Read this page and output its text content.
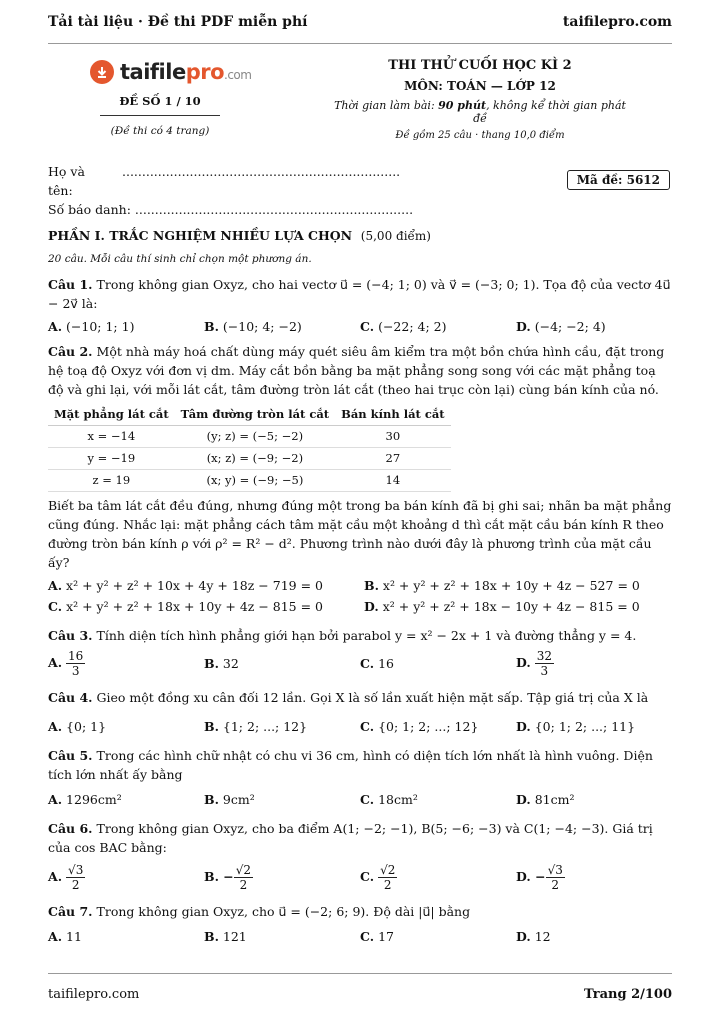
Tải tài liệu · Đề thi PDF miễn phí	taifilepro.com
taifilepro.com
ĐỀ SỐ 1 / 10
(Đề thi có 4 trang)
THI THỬ CUỐI HỌC KÌ 2
MÔN: TOÁN — LỚP 12
Thời gian làm bài: 90 phút, không kể thời gian phát đề
Đề gồm 25 câu · thang 10,0 điểm
Họ và tên:
......................................................................
Số báo danh: ......................................................................
Mã đề: 5612
PHẦN I. TRẮC NGHIỆM NHIỀU LỰA CHỌN (5,00 điểm)
20 câu. Mỗi câu thí sinh chỉ chọn một phương án.
Câu 1. Trong không gian Oxyz, cho hai vectơ u⃗ = (−4; 1; 0) và v⃗ = (−3; 0; 1). Tọa độ của vectơ 4u⃗ − 2v⃗ là:
A. (−10; 1; 1)	B. (−10; 4; −2)	C. (−22; 4; 2)	D. (−4; −2; 4)
Câu 2. Một nhà máy hoá chất dùng máy quét siêu âm kiểm tra một bồn chứa hình cầu, đặt trong hệ toạ độ Oxyz với đơn vị dm. Máy cắt bồn bằng ba mặt phẳng song song với các mặt phẳng toạ độ và ghi lại, với mỗi lát cắt, tâm đường tròn lát cắt (theo hai trục còn lại) cùng bán kính của nó.
Mặt phẳng lát cắt	Tâm đường tròn lát cắt	Bán kính lát cắt
x = −14	(y; z) = (−5; −2)	30
y = −19	(x; z) = (−9; −2)	27
z = 19	(x; y) = (−9; −5)	14
Biết ba tâm lát cắt đều đúng, nhưng đúng một trong ba bán kính đã bị ghi sai; nhãn ba mặt phẳng cũng đúng. Nhắc lại: mặt phẳng cách tâm mặt cầu một khoảng d thì cắt mặt cầu bán kính R theo đường tròn bán kính ρ với ρ² = R² − d². Phương trình nào dưới đây là phương trình của mặt cầu ấy?
A. x² + y² + z² + 10x + 4y + 18z − 719 = 0	B. x² + y² + z² + 18x + 10y + 4z − 527 = 0
C. x² + y² + z² + 18x + 10y + 4z − 815 = 0	D. x² + y² + z² + 18x − 10y + 4z − 815 = 0
Câu 3. Tính diện tích hình phẳng giới hạn bởi parabol y = x² − 2x + 1 và đường thẳng y = 4.
A. $\frac{16}{3}$	B. 32	C. 16	D. $\frac{32}{3}$
Câu 4. Gieo một đồng xu cân đối 12 lần. Gọi X là số lần xuất hiện mặt sấp. Tập giá trị của X là
A. {0; 1}	B. {1; 2; ...; 12}	C. {0; 1; 2; ...; 12}	D. {0; 1; 2; ...; 11}
Câu 5. Trong các hình chữ nhật có chu vi 36 cm, hình có diện tích lớn nhất là hình vuông. Diện tích lớn nhất ấy bằng
A. 1296cm²	B. 9cm²	C. 18cm²	D. 81cm²
Câu 6. Trong không gian Oxyz, cho ba điểm A(1; −2; −1), B(5; −6; −3) và C(1; −4; −3). Giá trị của cos BAC bằng:
A. $\frac{√3}{2}$	B. − $\frac{√2}{2}$	C. $\frac{√2}{2}$	D. − $\frac{√3}{2}$
Câu 7. Trong không gian Oxyz, cho u⃗ = (−2; 6; 9). Độ dài |u⃗| bằng
A. 11	B. 121	C. 17	D. 12
taifilepro.com	Trang 2/100
